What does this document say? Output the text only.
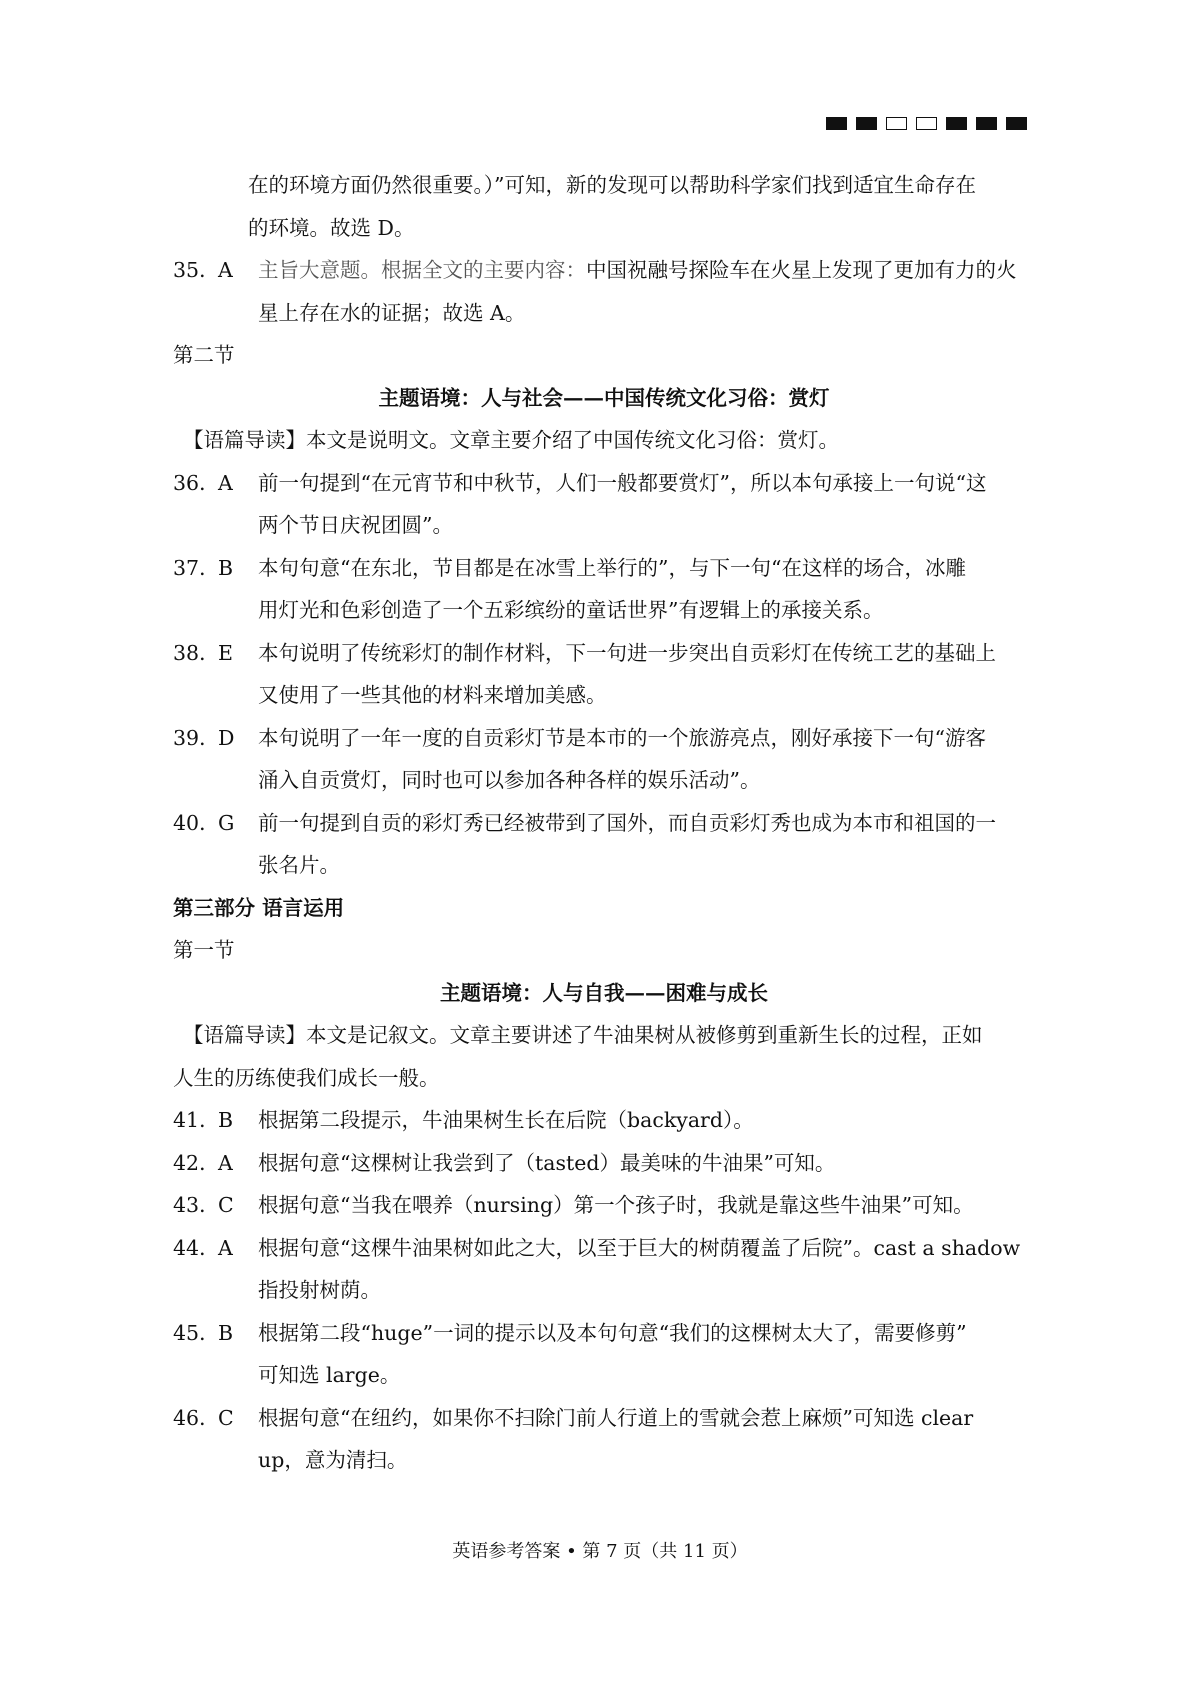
在的环境方面仍然很重要。）”可知，新的发现可以帮助科学家们找到适宜生命存在
的环境。故选 D。
35．
A	主旨大意题。根据全文的主要内容：中国祝融号探险车在火星上发现了更加有力的火
星上存在水的证据；故选 A。
第二节
主题语境：人与社会——中国传统文化习俗：赏灯
【语篇导读】本文是说明文。文章主要介绍了中国传统文化习俗：赏灯。
36．
A	前一句提到“在元宵节和中秋节，人们一般都要赏灯”，所以本句承接上一句说“这
两个节日庆祝团圆”。
37．
B	本句句意“在东北，节目都是在冰雪上举行的”，与下一句“在这样的场合，冰雕
用灯光和色彩创造了一个五彩缤纷的童话世界”有逻辑上的承接关系。
38．
E	本句说明了传统彩灯的制作材料，下一句进一步突出自贡彩灯在传统工艺的基础上
又使用了一些其他的材料来增加美感。
39．
D	本句说明了一年一度的自贡彩灯节是本市的一个旅游亮点，刚好承接下一句“游客
涌入自贡赏灯，同时也可以参加各种各样的娱乐活动”。
40．
G	前一句提到自贡的彩灯秀已经被带到了国外，而自贡彩灯秀也成为本市和祖国的一
张名片。
第三部分 语言运用
第一节
主题语境：人与自我——困难与成长
【语篇导读】本文是记叙文。文章主要讲述了牛油果树从被修剪到重新生长的过程，正如
人生的历练使我们成长一般。
41．
B	根据第二段提示，牛油果树生长在后院（backyard）。
42．
A	根据句意“这棵树让我尝到了（tasted）最美味的牛油果”可知。
43．
C	根据句意“当我在喂养（nursing）第一个孩子时，我就是靠这些牛油果”可知。
44．
A	根据句意“这棵牛油果树如此之大，以至于巨大的树荫覆盖了后院”。cast a shadow
指投射树荫。
45．
B	根据第二段“huge”一词的提示以及本句句意“我们的这棵树太大了，需要修剪”
可知选 large。
46．
C	根据句意“在纽约，如果你不扫除门前人行道上的雪就会惹上麻烦”可知选 clear
up，意为清扫。
英语参考答案 • 第 7 页（共 11 页）
